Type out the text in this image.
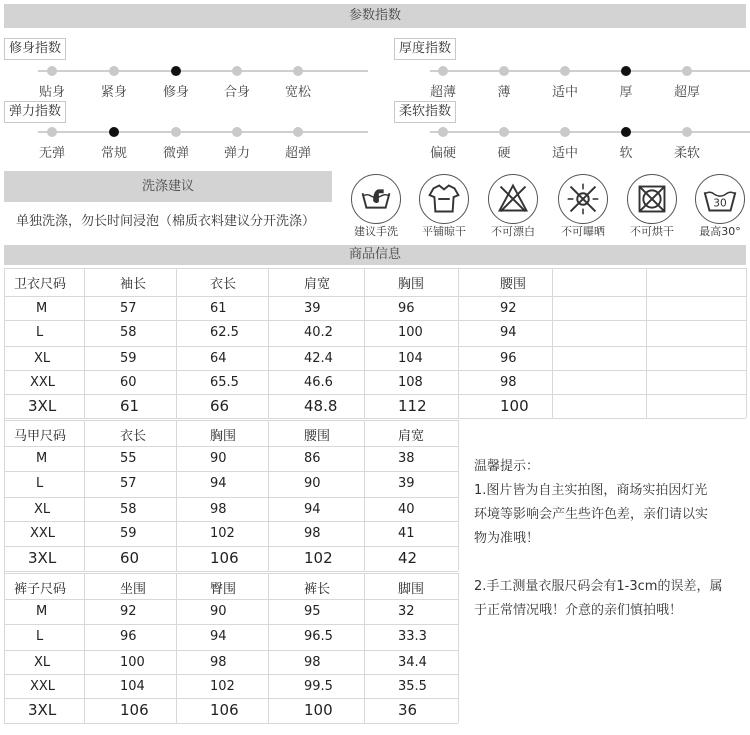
参数指数
修身指数
贴身	紧身	修身	合身	宽松
厚度指数
超薄	薄	适中	厚	超厚
弹力指数
无弹	常规	微弹	弹力	超弹
柔软指数
偏硬	硬	适中	软	柔软
洗涤建议
单独洗涤，勿长时间浸泡（棉质衣料建议分开洗涤）
建议手洗	平铺晾干	不可漂白	不可曝晒	不可烘干
30
最高30°
商品信息
卫衣尺码	袖长	衣长	肩宽	胸围	腰围
M	57	61	39	96	92
L	58	62.5	40.2	100	94
XL	59	64	42.4	104	96
XXL	60	65.5	46.6	108	98
3XL	61	66	48.8	112	100
马甲尺码	衣长	胸围	腰围	肩宽
M	55	90	86	38
L	57	94	90	39
XL	58	98	94	40
XXL	59	102	98	41
3XL	60	106	102	42
裤子尺码	坐围	臀围	裤长	脚围
M	92	90	95	32
L	96	94	96.5	33.3
XL	100	98	98	34.4
XXL	104	102	99.5	35.5
3XL	106	106	100	36
温馨提示：
1.图片皆为自主实拍图，商场实拍因灯光
环境等影响会产生些许色差，亲们请以实
物为准哦！
2.手工测量衣服尺码会有1-3cm的误差，属
于正常情况哦！介意的亲们慎拍哦！
